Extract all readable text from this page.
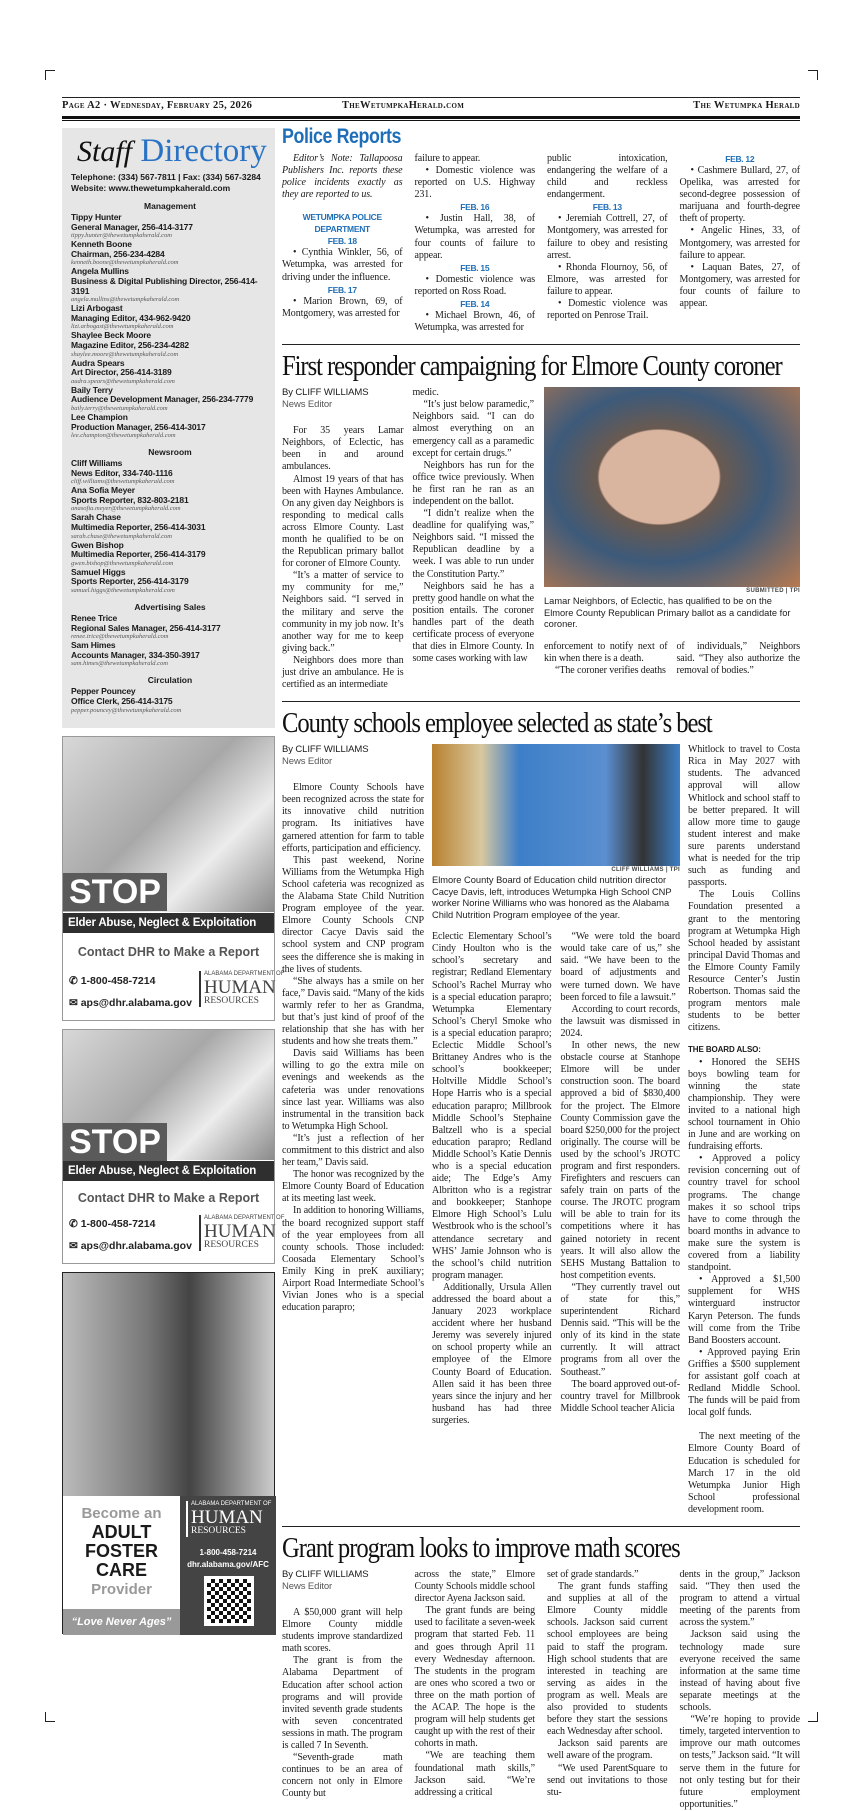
Page A2 · Wednesday, February 25, 2026	TheWetumpkaHerald.com	The Wetumpka Herald
Staff Directory
Telephone: (334) 567-7811 | Fax: (334) 567-3284
Website: www.thewetumpkaherald.com
Management
Tippy Hunter
General Manager, 256-414-3177
tippy.hunter@thewetumpkaherald.com
Kenneth Boone
Chairman, 256-234-4284
kenneth.boone@thewetumpkaherald.com
Angela Mullins
Business & Digital Publishing Director, 256-414-3191
angela.mullins@thewetumpkaherald.com
Lizi Arbogast
Managing Editor, 434-962-9420
lizi.arbogast@thewetumpkaherald.com
Shaylee Beck Moore
Magazine Editor, 256-234-4282
shaylee.moore@thewetumpkaherald.com
Audra Spears
Art Director, 256-414-3189
audra.spears@thewetumpkaherald.com
Baily Terry
Audience Development Manager, 256-234-7779
baily.terry@thewetumpkaherald.com
Lee Champion
Production Manager, 256-414-3017
lee.champion@thewetumpkaherald.com
Newsroom
Cliff Williams
News Editor, 334-740-1116
cliff.williams@thewetumpkaherald.com
Ana Sofia Meyer
Sports Reporter, 832-803-2181
anasofia.meyer@thewetumpkaherald.com
Sarah Chase
Multimedia Reporter, 256-414-3031
sarah.chase@thewetumpkaherald.com
Gwen Bishop
Multimedia Reporter, 256-414-3179
gwen.bishop@thewetumpkaherald.com
Samuel Higgs
Sports Reporter, 256-414-3179
samuel.higgs@thewetumpkaherald.com
Advertising Sales
Renee Trice
Regional Sales Manager, 256-414-3177
renee.trice@thewetumpkaherald.com
Sam Himes
Accounts Manager, 334-350-3917
sam.himes@thewetumpkaherald.com
Circulation
Pepper Pouncey
Office Clerk, 256-414-3175
pepper.pouncey@thewetumpkaherald.com
STOP
Elder Abuse, Neglect & Exploitation
Contact DHR to Make a Report
✆ 1-800-458-7214
✉ aps@dhr.alabama.gov
ALABAMA DEPARTMENT OF
HUMAN
RESOURCES
STOP
Elder Abuse, Neglect & Exploitation
Contact DHR to Make a Report
✆ 1-800-458-7214
✉ aps@dhr.alabama.gov
ALABAMA DEPARTMENT OF
HUMAN
RESOURCES
Become an
ADULT
FOSTER
CARE
Provider
“Love Never Ages”
ALABAMA DEPARTMENT OF
HUMAN
RESOURCES
1-800-458-7214
dhr.alabama.gov/AFC
Police Reports

Editor’s Note: Tallapoosa Publishers Inc. reports these police incidents exactly as they are reported to us.

WETUMPKA POLICE DEPARTMENT
FEB. 18

• Cynthia Winkler, 56, of Wetumpka, was arrested for driving under the influence.

FEB. 17

• Marion Brown, 69, of Montgomery, was arrested for

failure to appear.

• Domestic violence was reported on U.S. Highway 231.

FEB. 16

• Justin Hall, 38, of Wetumpka, was arrested for four counts of failure to appear.

FEB. 15

• Domestic violence was reported on Ross Road.

FEB. 14

• Michael Brown, 46, of Wetumpka, was arrested for

public intoxication, endangering the welfare of a child and reckless endangerment.

FEB. 13

• Jeremiah Cottrell, 27, of Montgomery, was arrested for failure to obey and resisting arrest.

• Rhonda Flournoy, 56, of Elmore, was arrested for failure to appear.

• Domestic violence was reported on Penrose Trail.

FEB. 12

• Cashmere Bullard, 27, of Opelika, was arrested for second-degree possession of marijuana and fourth-degree theft of property.

• Angelic Hines, 33, of Montgomery, was arrested for failure to appear.

• Laquan Bates, 27, of Montgomery, was arrested for four counts of failure to appear.

First responder campaigning for Elmore County coroner
By CLIFF WILLIAMS
News Editor

For 35 years Lamar Neighbors, of Eclectic, has been in and around ambulances.

Almost 19 years of that has been with Haynes Ambulance. On any given day Neighbors is responding to medical calls across Elmore County. Last month he qualified to be on the Republican primary ballot for coroner of Elmore County.

“It’s a matter of service to my community for me,” Neighbors said. “I served in the military and serve the community in my job now. It’s another way for me to keep giving back.”

Neighbors does more than just drive an ambulance. He is certified as an intermediate

medic.

“It’s just below paramedic,” Neighbors said. “I can do almost everything on an emergency call as a paramedic except for certain drugs.”

Neighbors has run for the office twice previously. When he first ran he ran as an independent on the ballot.

“I didn’t realize when the deadline for qualifying was,” Neighbors said. “I missed the Republican deadline by a week. I was able to run under the Constitution Party.”

Neighbors said he has a pretty good handle on what the position entails. The coroner handles part of the death certificate process of everyone that dies in Elmore County. In some cases working with law

SUBMITTED | TPI
Lamar Neighbors, of Eclectic, has qualified to be on the Elmore County Republican Primary ballot as a candidate for coroner.

enforcement to notify next of kin when there is a death.

“The coroner verifies deaths

of individuals,” Neighbors said. “They also authorize the removal of bodies.”

County schools employee selected as state’s best
By CLIFF WILLIAMS
News Editor

Elmore County Schools have been recognized across the state for its innovative child nutrition program. Its initiatives have garnered attention for farm to table efforts, participation and efficiency.

This past weekend, Norine Williams from the Wetumpka High School cafeteria was recognized as the Alabama State Child Nutrition Program employee of the year. Elmore County Schools CNP director Cacye Davis said the school system and CNP program sees the difference she is making in the lives of students.

“She always has a smile on her face,” Davis said. “Many of the kids warmly refer to her as Grandma, but that’s just kind of proof of the relationship that she has with her students and how she treats them.”

Davis said Williams has been willing to go the extra mile on evenings and weekends as the cafeteria was under renovations since last year. Williams was also instrumental in the transition back to Wetumpka High School.

“It’s just a reflection of her commitment to this district and also her team,” Davis said.

The honor was recognized by the Elmore County Board of Education at its meeting last week.

In addition to honoring Williams, the board recognized support staff of the year employees from all county schools. Those included: Coosada Elementary School’s Emily King in preK auxiliary; Airport Road Intermediate School’s Vivian Jones who is a special education parapro;

CLIFF WILLIAMS | TPI
Elmore County Board of Education child nutrition director Cacye Davis, left, introduces Wetumpka High School CNP worker Norine Williams who was honored as the Alabama Child Nutrition Program employee of the year.

Eclectic Elementary School’s Cindy Houlton who is the school’s secretary and registrar; Redland Elementary School’s Rachel Murray who is a special education parapro; Wetumpka Elementary School’s Cheryl Smoke who is a special education parapro; Eclectic Middle School’s Brittaney Andres who is the school’s bookkeeper; Holtville Middle School’s Hope Harris who is a special education parapro; Millbrook Middle School’s Stephaine Baltzell who is a special education parapro; Redland Middle School’s Katie Dennis who is a special education aide; The Edge’s Amy Albritton who is a registrar and bookkeeper; Stanhope Elmore High School’s Lulu Westbrook who is the school’s attendance secretary and WHS’ Jamie Johnson who is the school’s child nutrition program manager.

Additionally, Ursula Allen addressed the board about a January 2023 workplace accident where her husband Jeremy was severely injured on school property while an employee of the Elmore County Board of Education. Allen said it has been three years since the injury and her husband has had three surgeries.

“We were told the board would take care of us,” she said. “We have been to the board of adjustments and were turned down. We have been forced to file a lawsuit.”

According to court records, the lawsuit was dismissed in 2024.

In other news, the new obstacle course at Stanhope Elmore will be under construction soon. The board approved a bid of $830,400 for the project. The Elmore County Commission gave the board $250,000 for the project originally. The course will be used by the school’s JROTC program and first responders. Firefighters and rescuers can safely train on parts of the course. The JROTC program will be able to train for its competitions where it has gained notoriety in recent years. It will also allow the SEHS Mustang Battalion to host competition events.

“They currently travel out of state for this,” superintendent Richard Dennis said. “This will be the only of its kind in the state currently. It will attract programs from all over the Southeast.”

The board approved out-of-country travel for Millbrook Middle School teacher Alicia

Whitlock to travel to Costa Rica in May 2027 with students. The advanced approval will allow Whitlock and school staff to be better prepared. It will allow more time to gauge student interest and make sure parents understand what is needed for the trip such as funding and passports.

The Louis Collins Foundation presented a grant to the mentoring program at Wetumpka High School headed by assistant principal David Thomas and the Elmore County Family Resource Center’s Justin Robertson. Thomas said the program mentors male students to be better citizens.

THE BOARD ALSO:

• Honored the SEHS boys bowling team for winning the state championship. They were invited to a national high school tournament in Ohio in June and are working on fundraising efforts.

• Approved a policy revision concerning out of country travel for school programs. The change makes it so school trips have to come through the board months in advance to make sure the system is covered from a liability standpoint.

• Approved a $1,500 supplement for WHS winterguard instructor Karyn Peterson. The funds will come from the Tribe Band Boosters account.

• Approved paying Erin Griffies a $500 supplement for assistant golf coach at Redland Middle School. The funds will be paid from local golf funds.

The next meeting of the Elmore County Board of Education is scheduled for March 17 in the old Wetumpka Junior High School professional development room.

Grant program looks to improve math scores
By CLIFF WILLIAMS
News Editor

A $50,000 grant will help Elmore County middle students improve standardized math scores.

The grant is from the Alabama Department of Education after school action programs and will provide invited seventh grade students with seven concentrated sessions in math. The program is called 7 In Seventh.

“Seventh-grade math continues to be an area of concern not only in Elmore County but

across the state,” Elmore County Schools middle school director Ayena Jackson said.

The grant funds are being used to facilitate a seven-week program that started Feb. 11 and goes through April 11 every Wednesday afternoon. The students in the program are ones who scored a two or three on the math portion of the ACAP. The hope is the program will help students get caught up with the rest of their cohorts in math.

“We are teaching them foundational math skills,” Jackson said. “We’re addressing a critical

set of grade standards.”

The grant funds staffing and supplies at all of the Elmore County middle schools. Jackson said current school employees are being paid to staff the program. High school students that are interested in teaching are serving as aides in the program as well. Meals are also provided to students before they start the sessions each Wednesday after school.

Jackson said parents are well aware of the program.

“We used ParentSquare to send out invitations to those stu-

dents in the group,” Jackson said. “They then used the program to attend a virtual meeting of the parents from across the system.”

Jackson said using the technology made sure everyone received the same information at the same time instead of having about five separate meetings at the schools.

“We’re hoping to provide timely, targeted intervention to improve our math outcomes on tests,” Jackson said. “It will serve them in the future for not only testing but for their future employment opportunities.”
